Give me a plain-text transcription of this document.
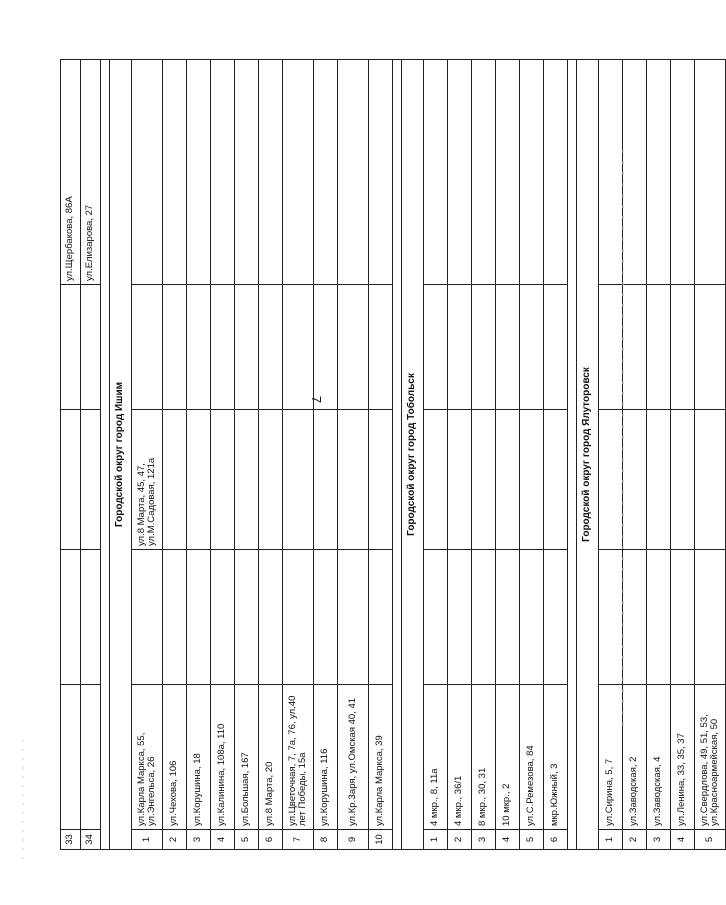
7
33					ул.Щербакова, 86А
34					ул.Елизарова, 27

Городской округ город Ишим					
1	ул.Карла Маркса, 55, ул.Энгельса, 26		ул.8 Марта, 45, 47, ул.М.Садовая, 121а		
2	ул.Чехова, 106				
3	ул.Корушина, 18				
4	ул.Калинина, 108а, 110				
5	ул.Большая, 167				
6	ул.8 Марта, 20				
7	ул.Цветочная, 7, 7а, 76, ул.40 лет Победы, 15а				
8	ул.Корушина, 116				
9	ул.Кр.Заря, ул.Омская 40, 41				
10	ул.Карла Маркса, 39				

Городской округ город Тобольск					
1	4 мкр., 8, 11а				
2	4 мкр., 36/1				
3	8 мкр., 30, 31				
4	10 мкр., 2				
5	ул.С.Ремезова, 84				
6	мкр.Южный, 3				

Городской округ город Ялуторовск					
1	ул.Сирина, 5, 7				
2	ул.Заводская, 2				
3	ул.Заводская, 4				
4	ул.Ленина, 33, 35, 37				
5	ул.Свердлова, 49, 51, 53, ул.Красноармейская, 50				
